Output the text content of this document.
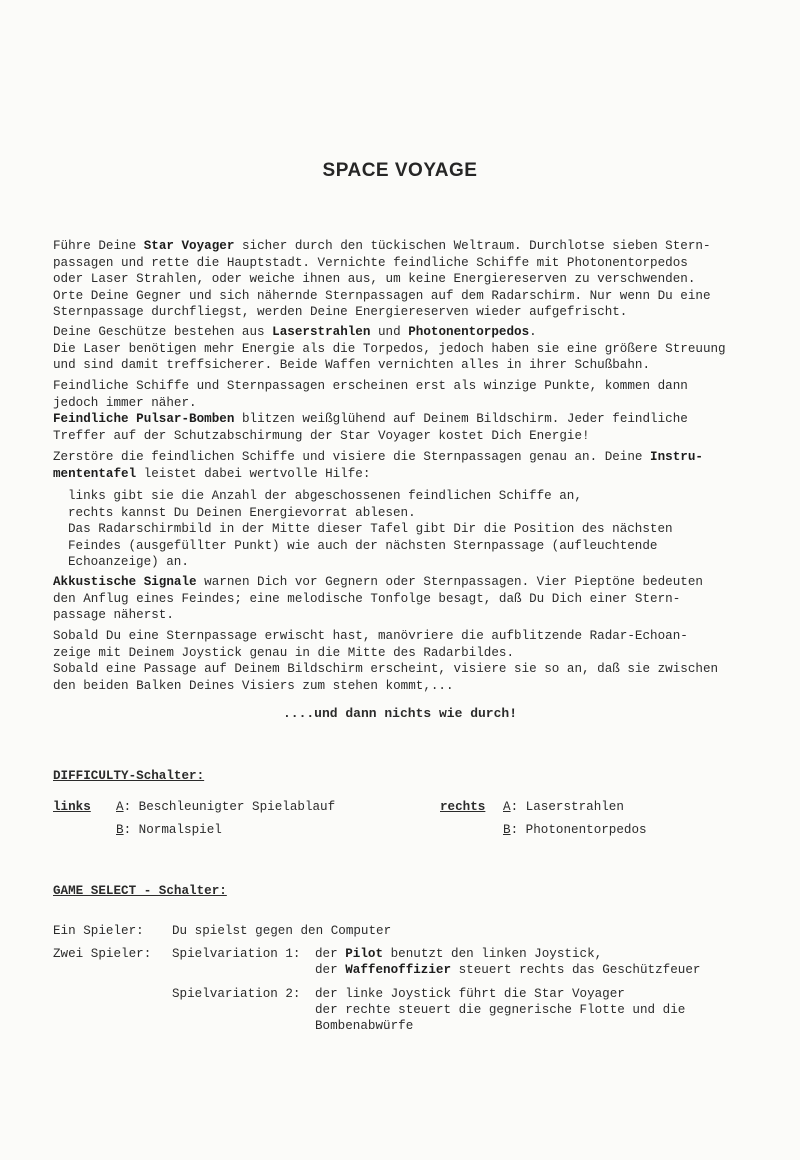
SPACE VOYAGE
Führe Deine Star Voyager sicher durch den tückischen Weltraum. Durchlotse sieben Stern-
passagen und rette die Hauptstadt. Vernichte feindliche Schiffe mit Photonentorpedos
oder Laser Strahlen, oder weiche ihnen aus, um keine Energiereserven zu verschwenden.
Orte Deine Gegner und sich nähernde Sternpassagen auf dem Radarschirm. Nur wenn Du eine
Sternpassage durchfliegst, werden Deine Energiereserven wieder aufgefrischt.
Deine Geschütze bestehen aus Laserstrahlen und Photonentorpedos.
Die Laser benötigen mehr Energie als die Torpedos, jedoch haben sie eine größere Streuung
und sind damit treffsicherer. Beide Waffen vernichten alles in ihrer Schußbahn.
Feindliche Schiffe und Sternpassagen erscheinen erst als winzige Punkte, kommen dann
jedoch immer näher.
Feindliche Pulsar-Bomben blitzen weißglühend auf Deinem Bildschirm. Jeder feindliche
Treffer auf der Schutzabschirmung der Star Voyager kostet Dich Energie!
Zerstöre die feindlichen Schiffe und visiere die Sternpassagen genau an. Deine Instru-
mententafel leistet dabei wertvolle Hilfe:
links gibt sie die Anzahl der abgeschossenen feindlichen Schiffe an,
rechts kannst Du Deinen Energievorrat ablesen.
Das Radarschirmbild in der Mitte dieser Tafel gibt Dir die Position des nächsten
Feindes (ausgefüllter Punkt) wie auch der nächsten Sternpassage (aufleuchtende
Echoanzeige) an.
Akkustische Signale warnen Dich vor Gegnern oder Sternpassagen. Vier Pieptöne bedeuten
den Anflug eines Feindes; eine melodische Tonfolge besagt, daß Du Dich einer Stern-
passage näherst.
Sobald Du eine Sternpassage erwischt hast, manövriere die aufblitzende Radar-Echoan-
zeige mit Deinem Joystick genau in die Mitte des Radarbildes.
Sobald eine Passage auf Deinem Bildschirm erscheint, visiere sie so an, daß sie zwischen
den beiden Balken Deines Visiers zum stehen kommt,...
....und dann nichts wie durch!
DIFFICULTY-Schalter:
links A: Beschleunigter Spielablauf
B: Normalspiel
rechts A: Laserstrahlen
B: Photonentorpedos
GAME SELECT - Schalter:
Ein Spieler: Du spielst gegen den Computer
Zwei Spieler: Spielvariation 1: der Pilot benutzt den linken Joystick,
der Waffenoffizier steuert rechts das Geschützfeuer
Spielvariation 2: der linke Joystick führt die Star Voyager
der rechte steuert die gegnerische Flotte und die
Bombenabwürfe
